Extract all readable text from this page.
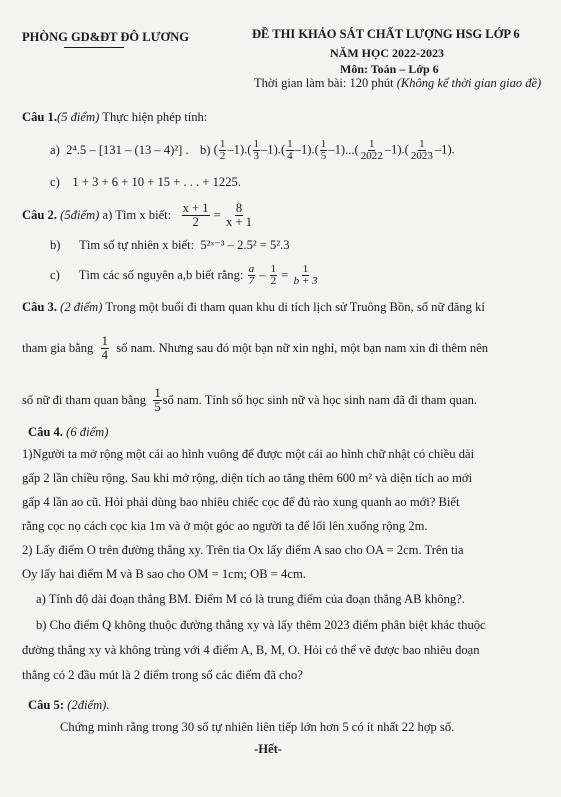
PHÒNG GD&ĐT ĐÔ LƯƠNG	ĐỀ THI KHẢO SÁT CHẤT LƯỢNG HSG LỚP 6
NĂM HỌC 2022-2023
Môn: Toán – Lớp 6
Thời gian làm bài: 120 phút (Không kể thời gian giao đề)
Câu 1.(5 điểm) Thực hiện phép tính:
a)
2⁴.5 – [131 – (13 – 4)²] . b)
( $\frac{1}{2} -1$). ( $\frac{1}{3} -1$). ( $\frac{1}{4} -1$). ( $\frac{1}{5} -1$) ... ( $\frac{1}{2022} -1$). ( $\frac{1}{2023} -1$).
c) 1 + 3 + 6 + 10 + 15 + . . . + 1225.
Câu 2.
(5điểm)
a) Tìm x biết:
$\frac{x + 1}{2} = \frac{8}{x + 1}$
b) Tìm số tự nhiên x biết: 5²ˣ⁻³ – 2.5² = 5².3
c)
Tìm các số nguyên a,b biết rằng:
$\frac{a}{7} - \frac{1}{2} = \frac{1}{b + 3}$
Câu 3. (2 điểm) Trong một buổi đi tham quan khu di tích lịch sử Truông Bồn, số nữ đăng kí
tham gia bằng
$\frac{1}{4}$
số nam. Nhưng sau đó một bạn nữ xin nghỉ, một bạn nam xin đi thêm nên
số nữ đi tham quan bằng
$\frac{1}{5}$ số nam. Tính số học sinh nữ và học sinh nam đã đi tham quan.
Câu 4. (6 điểm)
1)Người ta mở rộng một cái ao hình vuông để được một cái ao hình chữ nhật có chiều dài
gấp 2 lần chiều rộng. Sau khi mở rộng, diện tích ao tăng thêm 600 m² và diện tích ao mới
gấp 4 lần ao cũ. Hỏi phải dùng bao nhiêu chiếc cọc để đủ rào xung quanh ao mới? Biết
rằng cọc nọ cách cọc kia 1m và ở một góc ao người ta để lối lên xuống rộng 2m.
2) Lấy điểm O trên đường thẳng xy. Trên tia Ox lấy điểm A sao cho OA = 2cm. Trên tia
Oy lấy hai điểm M và B sao cho OM = 1cm; OB = 4cm.
a) Tính độ dài đoạn thẳng BM. Điểm M có là trung điểm của đoạn thẳng AB không?.
b) Cho điểm Q không thuộc đường thẳng xy và lấy thêm 2023 điểm phân biệt khác thuộc
đường thẳng xy và không trùng với 4 điểm A, B, M, O. Hỏi có thể vẽ được bao nhiêu đoạn
thẳng có 2 đầu mút là 2 điểm trong số các điểm đã cho?
Câu 5: (2điểm).
Chứng minh rằng trong 30 số tự nhiên liên tiếp lớn hơn 5 có ít nhất 22 hợp số.
-Hết-
